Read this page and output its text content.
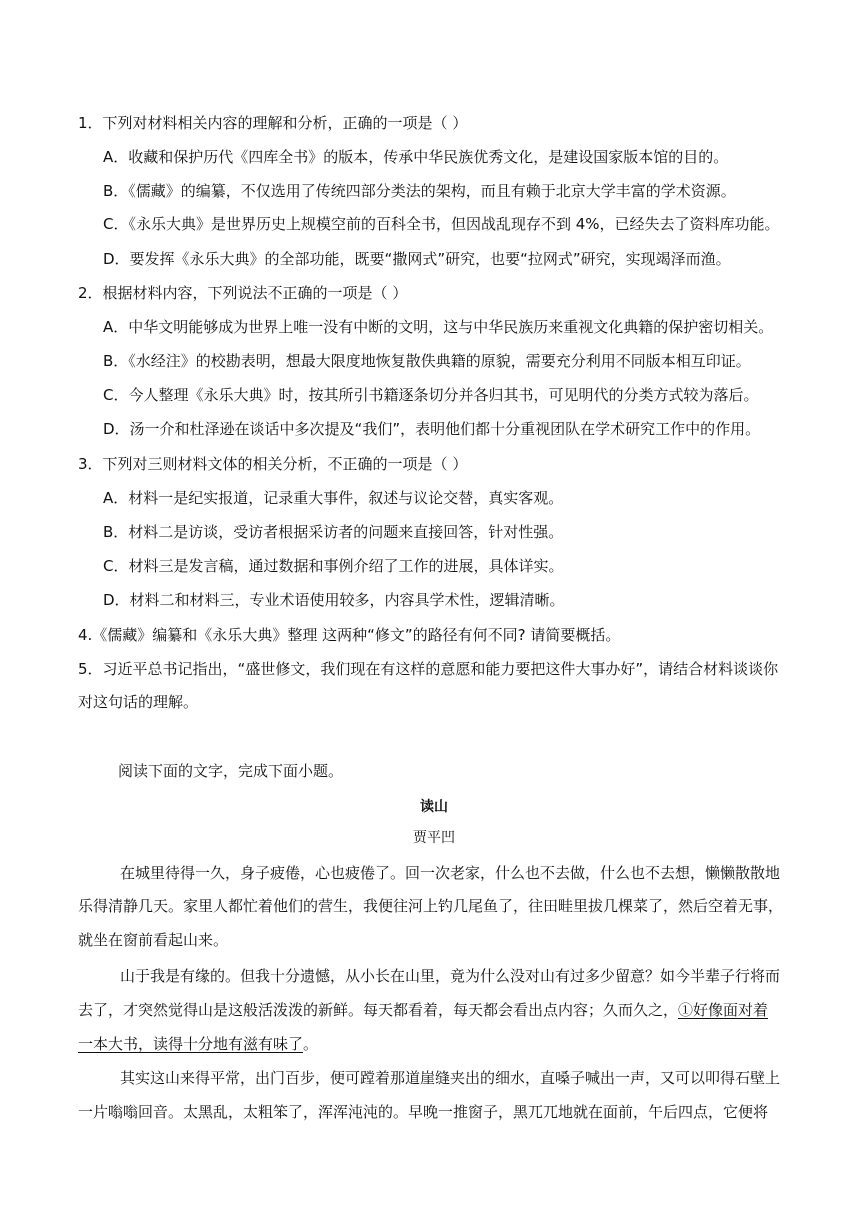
1．下列对材料相关内容的理解和分析，正确的一项是（ ）
A．收藏和保护历代《四库全书》的版本，传承中华民族优秀文化，是建设国家版本馆的目的。
B．《儒藏》的编纂，不仅选用了传统四部分类法的架构，而且有赖于北京大学丰富的学术资源。
C．《永乐大典》是世界历史上规模空前的百科全书，但因战乱现存不到 4%，已经失去了资料库功能。
D．要发挥《永乐大典》的全部功能，既要“撒网式”研究，也要“拉网式”研究，实现竭泽而渔。
2．根据材料内容，下列说法不正确的一项是（ ）
A．中华文明能够成为世界上唯一没有中断的文明，这与中华民族历来重视文化典籍的保护密切相关。
B．《水经注》的校勘表明，想最大限度地恢复散佚典籍的原貌，需要充分利用不同版本相互印证。
C．今人整理《永乐大典》时，按其所引书籍逐条切分并各归其书，可见明代的分类方式较为落后。
D．汤一介和杜泽逊在谈话中多次提及“我们”，表明他们都十分重视团队在学术研究工作中的作用。
3．下列对三则材料文体的相关分析，不正确的一项是（ ）
A．材料一是纪实报道，记录重大事件，叙述与议论交替，真实客观。
B．材料二是访谈，受访者根据采访者的问题来直接回答，针对性强。
C．材料三是发言稿，通过数据和事例介绍了工作的进展，具体详实。
D．材料二和材料三，专业术语使用较多，内容具学术性，逻辑清晰。
4.《儒藏》编纂和《永乐大典》整理 这两种“修文”的路径有何不同? 请简要概括。
5．习近平总书记指出，“盛世修文，我们现在有这样的意愿和能力要把这件大事办好”，请结合材料谈谈你
对这句话的理解。
阅读下面的文字，完成下面小题。
读山
贾平凹
在城里待得一久，身子疲倦，心也疲倦了。回一次老家，什么也不去做，什么也不去想，懒懒散散地
乐得清静几天。家里人都忙着他们的营生，我便往河上钓几尾鱼了，往田畦里拔几棵菜了，然后空着无事，
就坐在窗前看起山来。
山于我是有缘的。但我十分遗憾，从小长在山里，竟为什么没对山有过多少留意？如今半辈子行将而
去了，才突然觉得山是这般活泼泼的新鲜。每天都看着，每天都会看出点内容；久而久之，①好像面对着
一本大书，读得十分地有滋有味了。
其实这山来得平常，出门百步，便可蹚着那道崖缝夹出的细水，直嗓子喊出一声，又可以叩得石壁上
一片嗡嗡回音。太黑乱，太粗笨了，浑浑沌沌的。早晚一推窗子，黑兀兀地就在面前，午后四点，它便将
